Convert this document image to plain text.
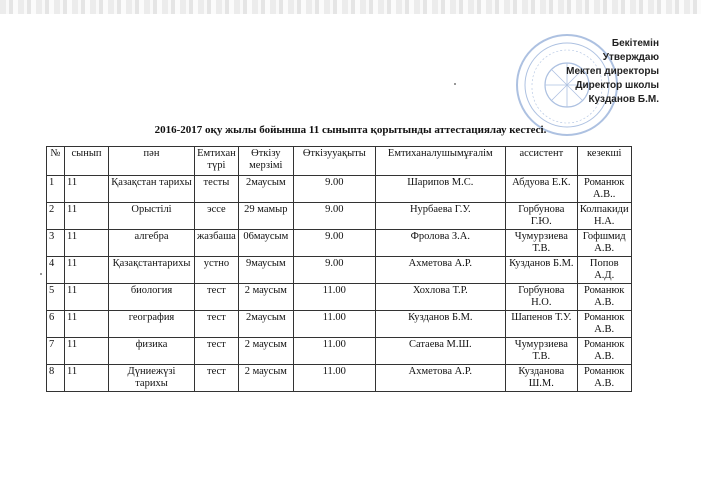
Бекітемін
Утверждаю
Мектеп директоры
Директор школы
Кузданов Б.М.
2016-2017 оқу жылы бойынша 11 сыныпта қорытынды аттестациялау кестесі.
№	сынып	пән	Емтихан түрі	Өткізу мерзімі	Өткізууақыты	Емтиханалушымұғалім	ассистент	кезекші
1	11	Қазақстан тарихы	тесты	2маусым	9.00	Шарипов М.С.	Абдуова Е.К.	Романюк А.В..
2	11	Орыстілі	эссе	29 мамыр	9.00	Нурбаева Г.У.	Горбунова Г.Ю.	Колпакиди Н.А.
3	11	алгебра	жазбаша	06маусым	9.00	Фролова З.А.	Чумурзиева Т.В.	Гофшмид А.В.
4	11	Қазақстантарихы	устно	9маусым	9.00	Ахметова А.Р.	Кузданов Б.М.	Попов А.Д.
5	11	биология	тест	2 маусым	11.00	Хохлова Т.Р.	Горбунова Н.О.	Романюк А.В.
6	11	география	тест	2маусым	11.00	Кузданов Б.М.	Шапенов Т.У.	Романюк А.В.
7	11	физика	тест	2 маусым	11.00	Сатаева М.Ш.	Чумурзиева Т.В.	Романюк А.В.
8	11	Дүниежүзі тарихы	тест	2 маусым	11.00	Ахметова А.Р.	Кузданова Ш.М.	Романюк А.В.
